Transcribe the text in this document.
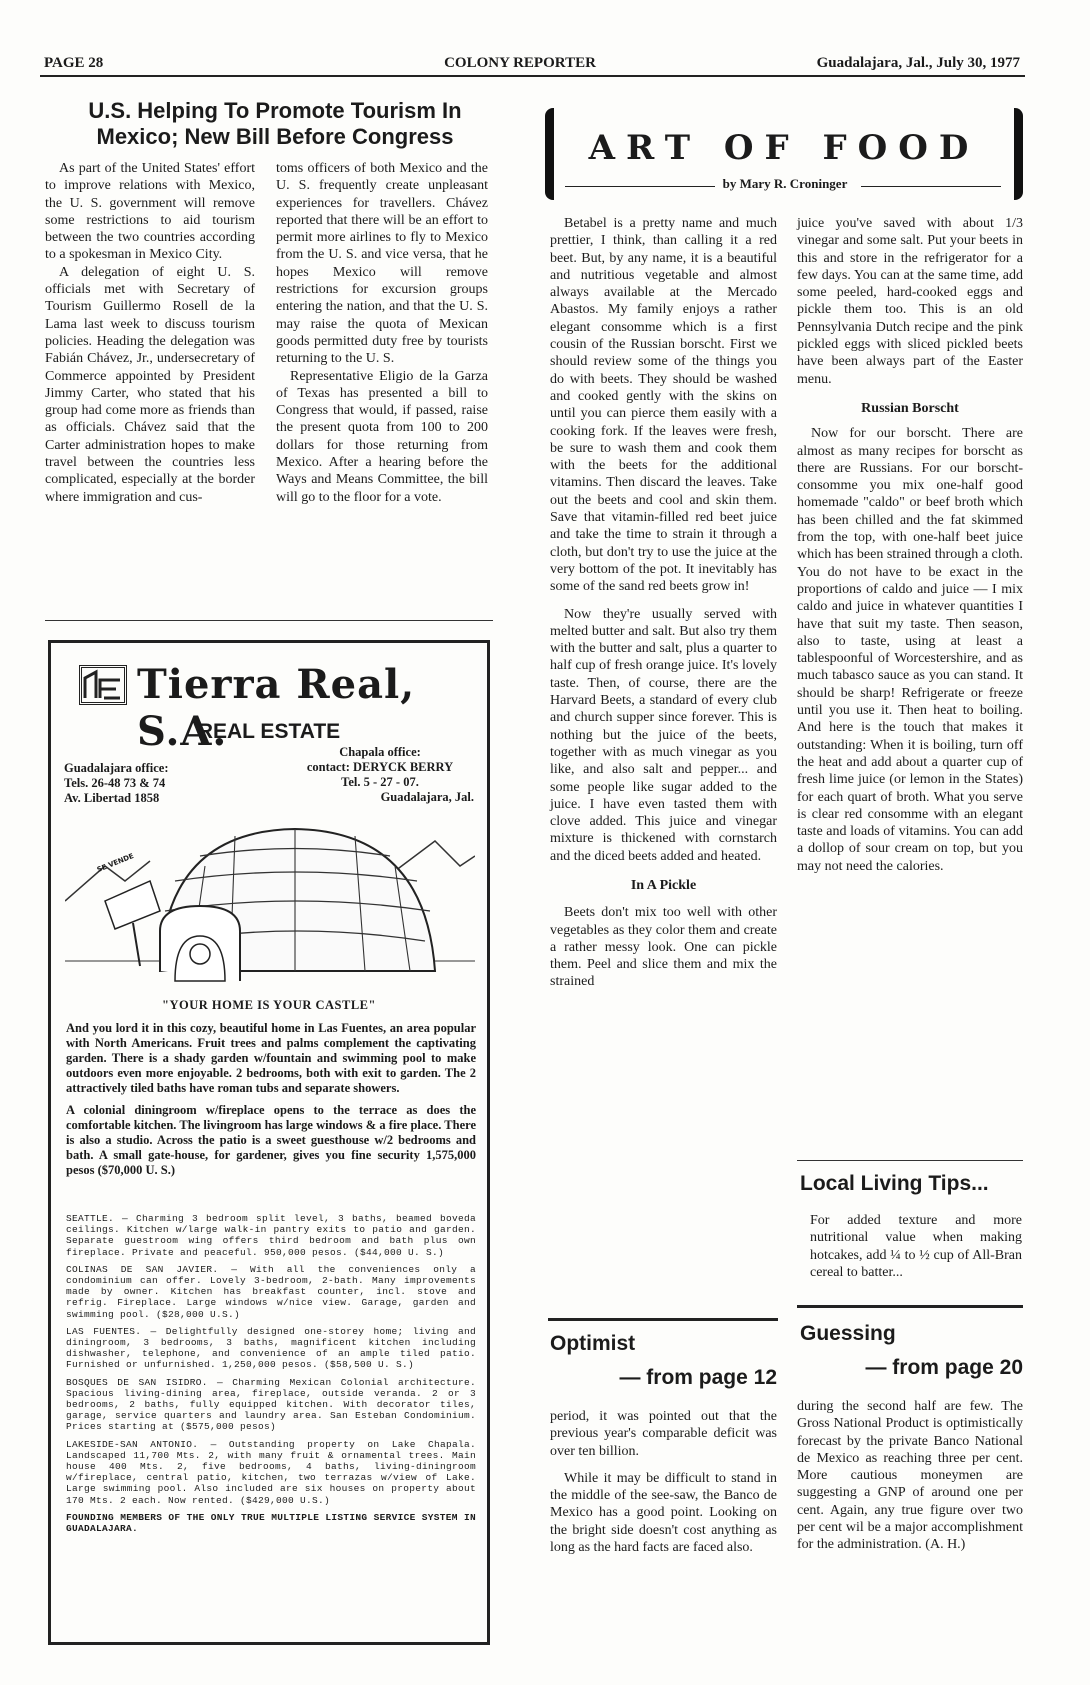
PAGE 28	COLONY REPORTER	Guadalajara, Jal., July 30, 1977
U.S. Helping To Promote Tourism In Mexico; New Bill Before Congress

As part of the United States' effort to improve relations with Mexico, the U. S. government will remove some restrictions to aid tourism between the two countries according to a spokesman in Mexico City.

A delegation of eight U. S. officials met with Secretary of Tourism Guillermo Rosell de la Lama last week to discuss tourism policies. Heading the delegation was Fabián Chávez, Jr., undersecretary of Commerce appointed by President Jimmy Carter, who stated that his group had come more as friends than as officials. Chávez said that the Carter administration hopes to make travel between the countries less complicated, especially at the border where immigration and cus-

toms officers of both Mexico and the U. S. frequently create unpleasant experiences for travellers. Chávez reported that there will be an effort to permit more airlines to fly to Mexico from the U. S. and vice versa, that he hopes Mexico will remove restrictions for excursion groups entering the nation, and that the U. S. may raise the quota of Mexican goods permitted duty free by tourists returning to the U. S.

Representative Eligio de la Garza of Texas has presented a bill to Congress that would, if passed, raise the present quota from 100 to 200 dollars for those returning from Mexico. After a hearing before the Ways and Means Committee, the bill will go to the floor for a vote.

Tierra Real, S.A.
REAL ESTATE
Guadalajara office:
Tels. 26-48 73 & 74
Av. Libertad 1858
Chapala office:
contact: DERYCK BERRY
Tel. 5 - 27 - 07.
Guadalajara, Jal.
SE VENDE
"YOUR HOME IS YOUR CASTLE"

And you lord it in this cozy, beautiful home in Las Fuentes, an area popular with North Americans. Fruit trees and palms complement the captivating garden. There is a shady garden w/fountain and swimming pool to make outdoors even more enjoyable. 2 bedrooms, both with exit to garden. The 2 attractively tiled baths have roman tubs and separate showers.

A colonial diningroom w/fireplace opens to the terrace as does the comfortable kitchen. The livingroom has large windows & a fire place. There is also a studio. Across the patio is a sweet guesthouse w/2 bedrooms and bath. A small gate-house, for gardener, gives you fine security 1,575,000 pesos ($70,000 U. S.)

SEATTLE. — Charming 3 bedroom split level, 3 baths, beamed boveda ceilings. Kitchen w/large walk-in pantry exits to patio and garden. Separate guestroom wing offers third bedroom and bath plus own fireplace. Private and peaceful. 950,000 pesos. ($44,000 U. S.)

COLINAS DE SAN JAVIER. — With all the conveniences only a condominium can offer. Lovely 3-bedroom, 2-bath. Many improvements made by owner. Kitchen has breakfast counter, incl. stove and refrig. Fireplace. Large windows w/nice view. Garage, garden and swimming pool. ($28,000 U.S.)

LAS FUENTES. — Delightfully designed one-storey home; living and diningroom, 3 bedrooms, 3 baths, magnificent kitchen including dishwasher, telephone, and convenience of an ample tiled patio. Furnished or unfurnished. 1,250,000 pesos. ($58,500 U. S.)

BOSQUES DE SAN ISIDRO. — Charming Mexican Colonial architecture. Spacious living-dining area, fireplace, outside veranda. 2 or 3 bedrooms, 2 baths, fully equipped kitchen. With decorator tiles, garage, service quarters and laundry area. San Esteban Condominium. Prices starting at ($575,000 pesos)

LAKESIDE-SAN ANTONIO. — Outstanding property on Lake Chapala. Landscaped 11,700 Mts. 2, with many fruit & ornamental trees. Main house 400 Mts. 2, five bedrooms, 4 baths, living-diningroom w/fireplace, central patio, kitchen, two terrazas w/view of Lake. Large swimming pool. Also included are six houses on property about 170 Mts. 2 each. Now rented. ($429,000 U.S.)

FOUNDING MEMBERS OF THE ONLY TRUE MULTIPLE LISTING SERVICE SYSTEM IN GUADALAJARA.

ART OF FOOD
by Mary R. Croninger

Betabel is a pretty name and much prettier, I think, than calling it a red beet. But, by any name, it is a beautiful and nutritious vegetable and almost always available at the Mercado Abastos. My family enjoys a rather elegant consomme which is a first cousin of the Russian borscht. First we should review some of the things you do with beets. They should be washed and cooked gently with the skins on until you can pierce them easily with a cooking fork. If the leaves were fresh, be sure to wash them and cook them with the beets for the additional vitamins. Then discard the leaves. Take out the beets and cool and skin them. Save that vitamin-filled red beet juice and take the time to strain it through a cloth, but don't try to use the juice at the very bottom of the pot. It inevitably has some of the sand red beets grow in!

Now they're usually served with melted butter and salt. But also try them with the butter and salt, plus a quarter to half cup of fresh orange juice. It's lovely taste. Then, of course, there are the Harvard Beets, a standard of every club and church supper since forever. This is nothing but the juice of the beets, together with as much vinegar as you like, and also salt and pepper... and some people like sugar added to the juice. I have even tasted them with clove added. This juice and vinegar mixture is thickened with cornstarch and the diced beets added and heated.

In A Pickle

Beets don't mix too well with other vegetables as they color them and create a rather messy look. One can pickle them. Peel and slice them and mix the strained

juice you've saved with about 1/3 vinegar and some salt. Put your beets in this and store in the refrigerator for a few days. You can at the same time, add some peeled, hard-cooked eggs and pickle them too. This is an old Pennsylvania Dutch recipe and the pink pickled eggs with sliced pickled beets have been always part of the Easter menu.

Russian Borscht

Now for our borscht. There are almost as many recipes for borscht as there are Russians. For our borscht-consomme you mix one-half good homemade "caldo" or beef broth which has been chilled and the fat skimmed from the top, with one-half beet juice which has been strained through a cloth. You do not have to be exact in the proportions of caldo and juice — I mix caldo and juice in whatever quantities I have that suit my taste. Then season, also to taste, using at least a tablespoonful of Worcestershire, and as much tabasco sauce as you can stand. It should be sharp! Refrigerate or freeze until you use it. Then heat to boiling. And here is the touch that makes it outstanding: When it is boiling, turn off the heat and add about a quarter cup of fresh lime juice (or lemon in the States) for each quart of broth. What you serve is clear red consomme with an elegant taste and loads of vitamins. You can add a dollop of sour cream on top, but you may not need the calories.

Local Living Tips...
For added texture and more nutritional value when making hotcakes, add ¼ to ½ cup of All-Bran cereal to batter...
Optimist
— from page 12

period, it was pointed out that the previous year's comparable deficit was over ten billion.

While it may be difficult to stand in the middle of the see-saw, the Banco de Mexico has a good point. Looking on the bright side doesn't cost anything as long as the hard facts are faced also.

Guessing
— from page 20
during the second half are few. The Gross National Product is optimistically forecast by the private Banco National de Mexico as reaching three per cent. More cautious moneymen are suggesting a GNP of around one per cent. Again, any true figure over two per cent wil be a major accomplishment for the administration. (A. H.)
